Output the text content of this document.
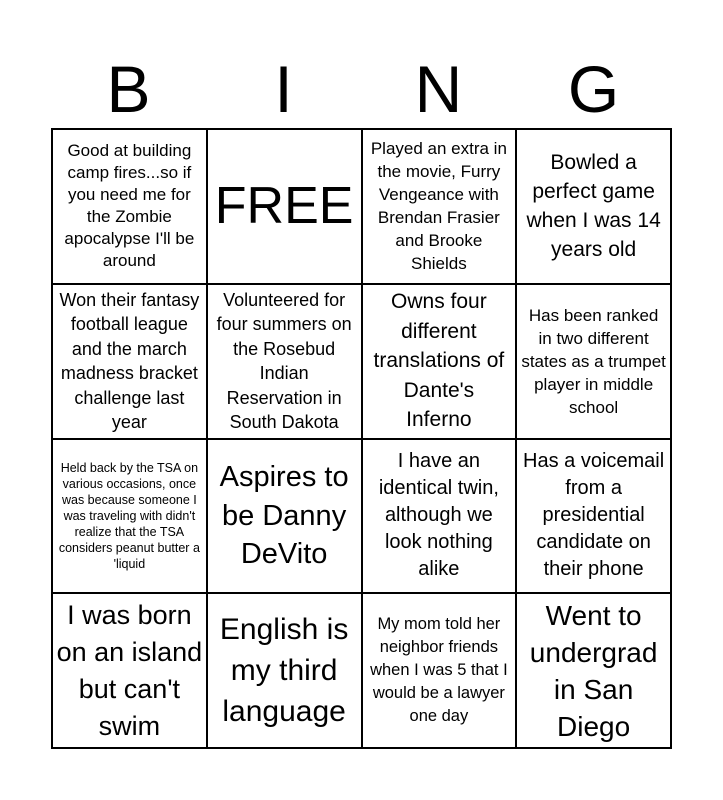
B	I	N	G
Good at building camp fires...so if you need me for the Zombie apocalypse I'll be around
FREE
Played an extra in the movie, Furry Vengeance with Brendan Frasier and Brooke Shields
Bowled a perfect game when I was 14 years old
Won their fantasy football league and the march madness bracket challenge last year
Volunteered for four summers on the Rosebud Indian Reservation in South Dakota
Owns four different translations of Dante's Inferno
Has been ranked in two different states as a trumpet player in middle school
Held back by the TSA on various occasions, once was because someone I was traveling with didn't realize that the TSA considers peanut butter a 'liquid
Aspires to be Danny DeVito
I have an identical twin, although we look nothing alike
Has a voicemail from a presidential candidate on their phone
I was born on an island but can't swim
English is my third language
My mom told her neighbor friends when I was 5 that I would be a lawyer one day
Went to undergrad in San Diego
